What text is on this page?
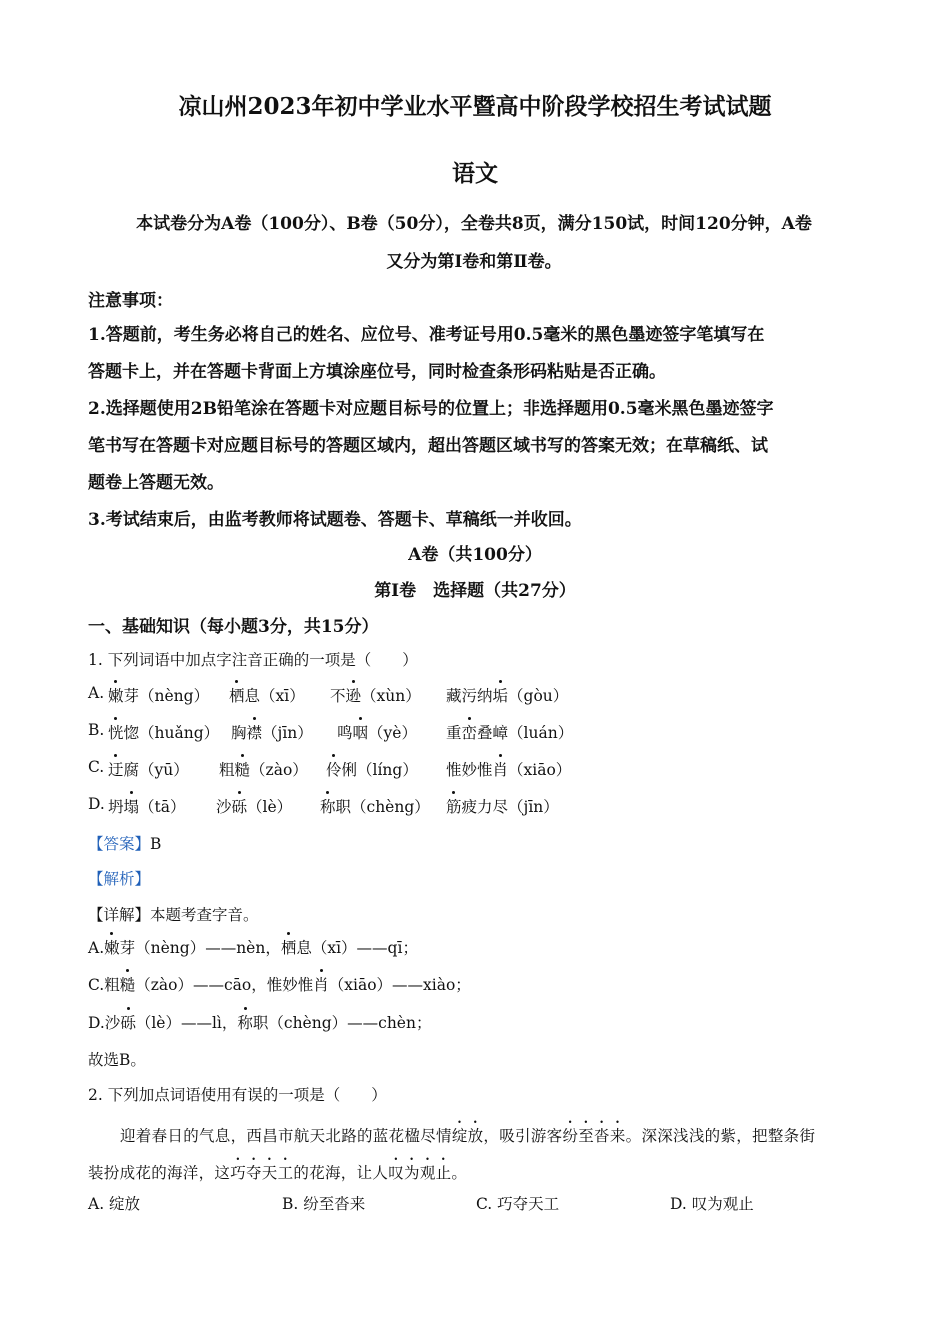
凉山州2023年初中学业水平暨高中阶段学校招生考试试题
语文
本试卷分为A卷（100分）、B卷（50分），全卷共8页，满分150试，时间120分钟，A卷
又分为第Ⅰ卷和第Ⅱ卷。
注意事项：
1.答题前，考生务必将自己的姓名、应位号、准考证号用0.5毫米的黑色墨迹签字笔填写在
答题卡上，并在答题卡背面上方填涂座位号，同时检查条形码粘贴是否正确。
2.选择题使用2B铅笔涂在答题卡对应题目标号的位置上；非选择题用0.5毫米黑色墨迹签字
笔书写在答题卡对应题目标号的答题区域内，超出答题区域书写的答案无效；在草稿纸、试
题卷上答题无效。
3.考试结束后，由监考教师将试题卷、答题卡、草稿纸一并收回。
A卷（共100分）
第Ⅰ卷　选择题（共27分）
一、基础知识（每小题3分，共15分）
1. 下列词语中加点字注音正确的一项是（　　）
A. 嫩芽（nèng） 栖息（xī） 不逊（xùn） 藏污纳垢（gòu）
B. 恍惚（huǎng） 胸襟（jīn） 鸣咽（yè） 重峦叠嶂（luán）
C. 迂腐（yū） 粗糙（zào） 伶俐（líng） 惟妙惟肖（xiāo）
D. 坍塌（tā） 沙砾（lè） 称职（chèng） 筋疲力尽（jīn）
【答案】B
【解析】
【详解】本题考查字音。
A.嫩芽（nèng）——nèn，栖息（xī）——qī；
C.粗糙（zào）——cāo，惟妙惟肖（xiāo）——xiào；
D.沙砾（lè）——lì，称职（chèng）——chèn；
故选B。
2. 下列加点词语使用有误的一项是（　　）
迎着春日的气息，西昌市航天北路的蓝花楹尽情绽放，吸引游客纷至沓来。深深浅浅的紫，把整条街
装扮成花的海洋，这巧夺天工的花海，让人叹为观止。
A. 绽放	B. 纷至沓来	C. 巧夺天工	D. 叹为观止
